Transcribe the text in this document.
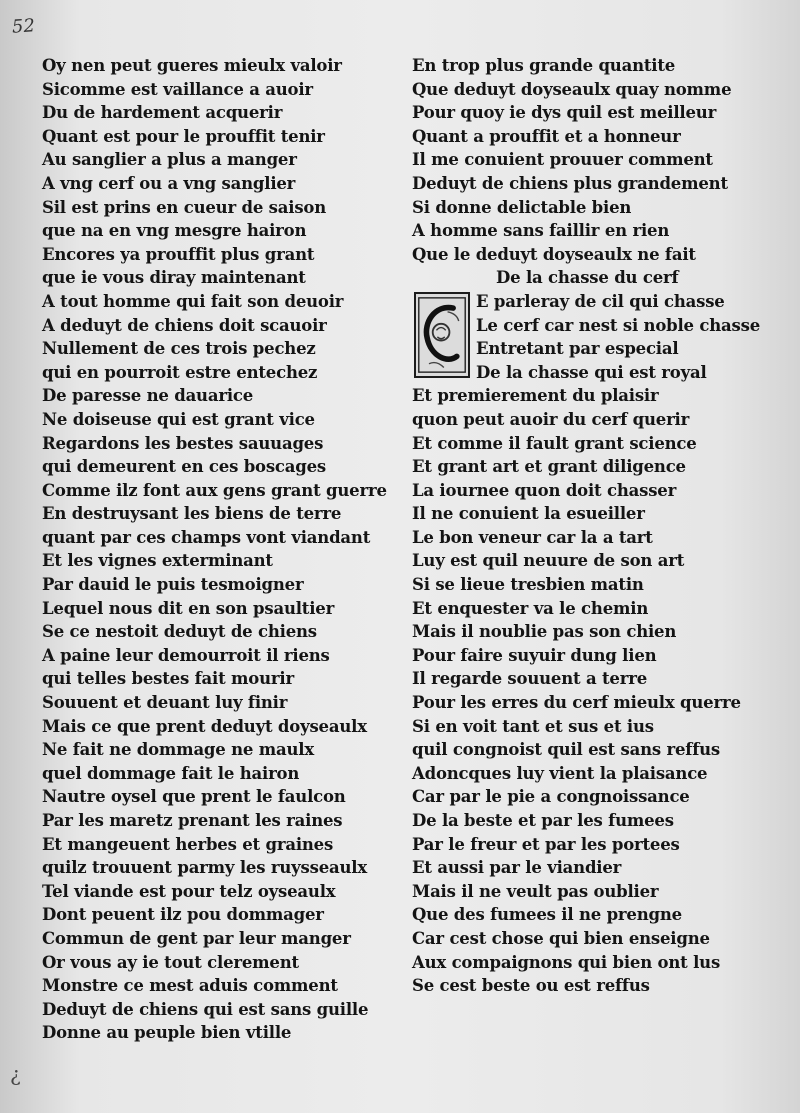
52
Oy nen peut gueres mieulx valoir
Sicomme est vaillance a auoir
Du de hardement acquerir
Quant est pour le prouffit tenir
Au sanglier a plus a manger
A vng cerf ou a vng sanglier
Sil est prins en cueur de saison
que na en vng mesgre hairon
Encores ya prouffit plus grant
que ie vous diray maintenant
A tout homme qui fait son deuoir
A deduyt de chiens doit scauoir
Nullement de ces trois pechez
qui en pourroit estre entechez
De paresse ne dauarice
Ne doiseuse qui est grant vice
Regardons les bestes sauuages
qui demeurent en ces boscages
Comme ilz font aux gens grant guerre
En destruysant les biens de terre
quant par ces champs vont viandant
Et les vignes exterminant
Par dauid le puis tesmoigner
Lequel nous dit en son psaultier
Se ce nestoit deduyt de chiens
A paine leur demourroit il riens
qui telles bestes fait mourir
Souuent et deuant luy finir
Mais ce que prent deduyt doyseaulx
Ne fait ne dommage ne maulx
quel dommage fait le hairon
Nautre oysel que prent le faulcon
Par les maretz prenant les raines
Et mangeuent herbes et graines
quilz trouuent parmy les ruysseaulx
Tel viande est pour telz oyseaulx
Dont peuent ilz pou dommager
Commun de gent par leur manger
Or vous ay ie tout clerement
Monstre ce mest aduis comment
Deduyt de chiens qui est sans guille
Donne au peuple bien vtille
En trop plus grande quantite
Que deduyt doyseaulx quay nomme
Pour quoy ie dys quil est meilleur
Quant a prouffit et a honneur
Il me conuient prouuer comment
Deduyt de chiens plus grandement
Si donne delictable bien
A homme sans faillir en rien
Que le deduyt doyseaulx ne fait
De la chasse du cerf
E parleray de cil qui chasse
Le cerf car nest si noble chasse
Entretant par especial
De la chasse qui est royal
Et premierement du plaisir
quon peut auoir du cerf querir
Et comme il fault grant science
Et grant art et grant diligence
La iournee quon doit chasser
Il ne conuient la esueiller
Le bon veneur car la a tart
Luy est quil neuure de son art
Si se lieue tresbien matin
Et enquester va le chemin
Mais il noublie pas son chien
Pour faire suyuir dung lien
Il regarde souuent a terre
Pour les erres du cerf mieulx querre
Si en voit tant et sus et ius
quil congnoist quil est sans reffus
Adoncques luy vient la plaisance
Car par le pie a congnoissance
De la beste et par les fumees
Par le freur et par les portees
Et aussi par le viandier
Mais il ne veult pas oublier
Que des fumees il ne prengne
Car cest chose qui bien enseigne
Aux compaignons qui bien ont lus
Se cest beste ou est reffus
¿
